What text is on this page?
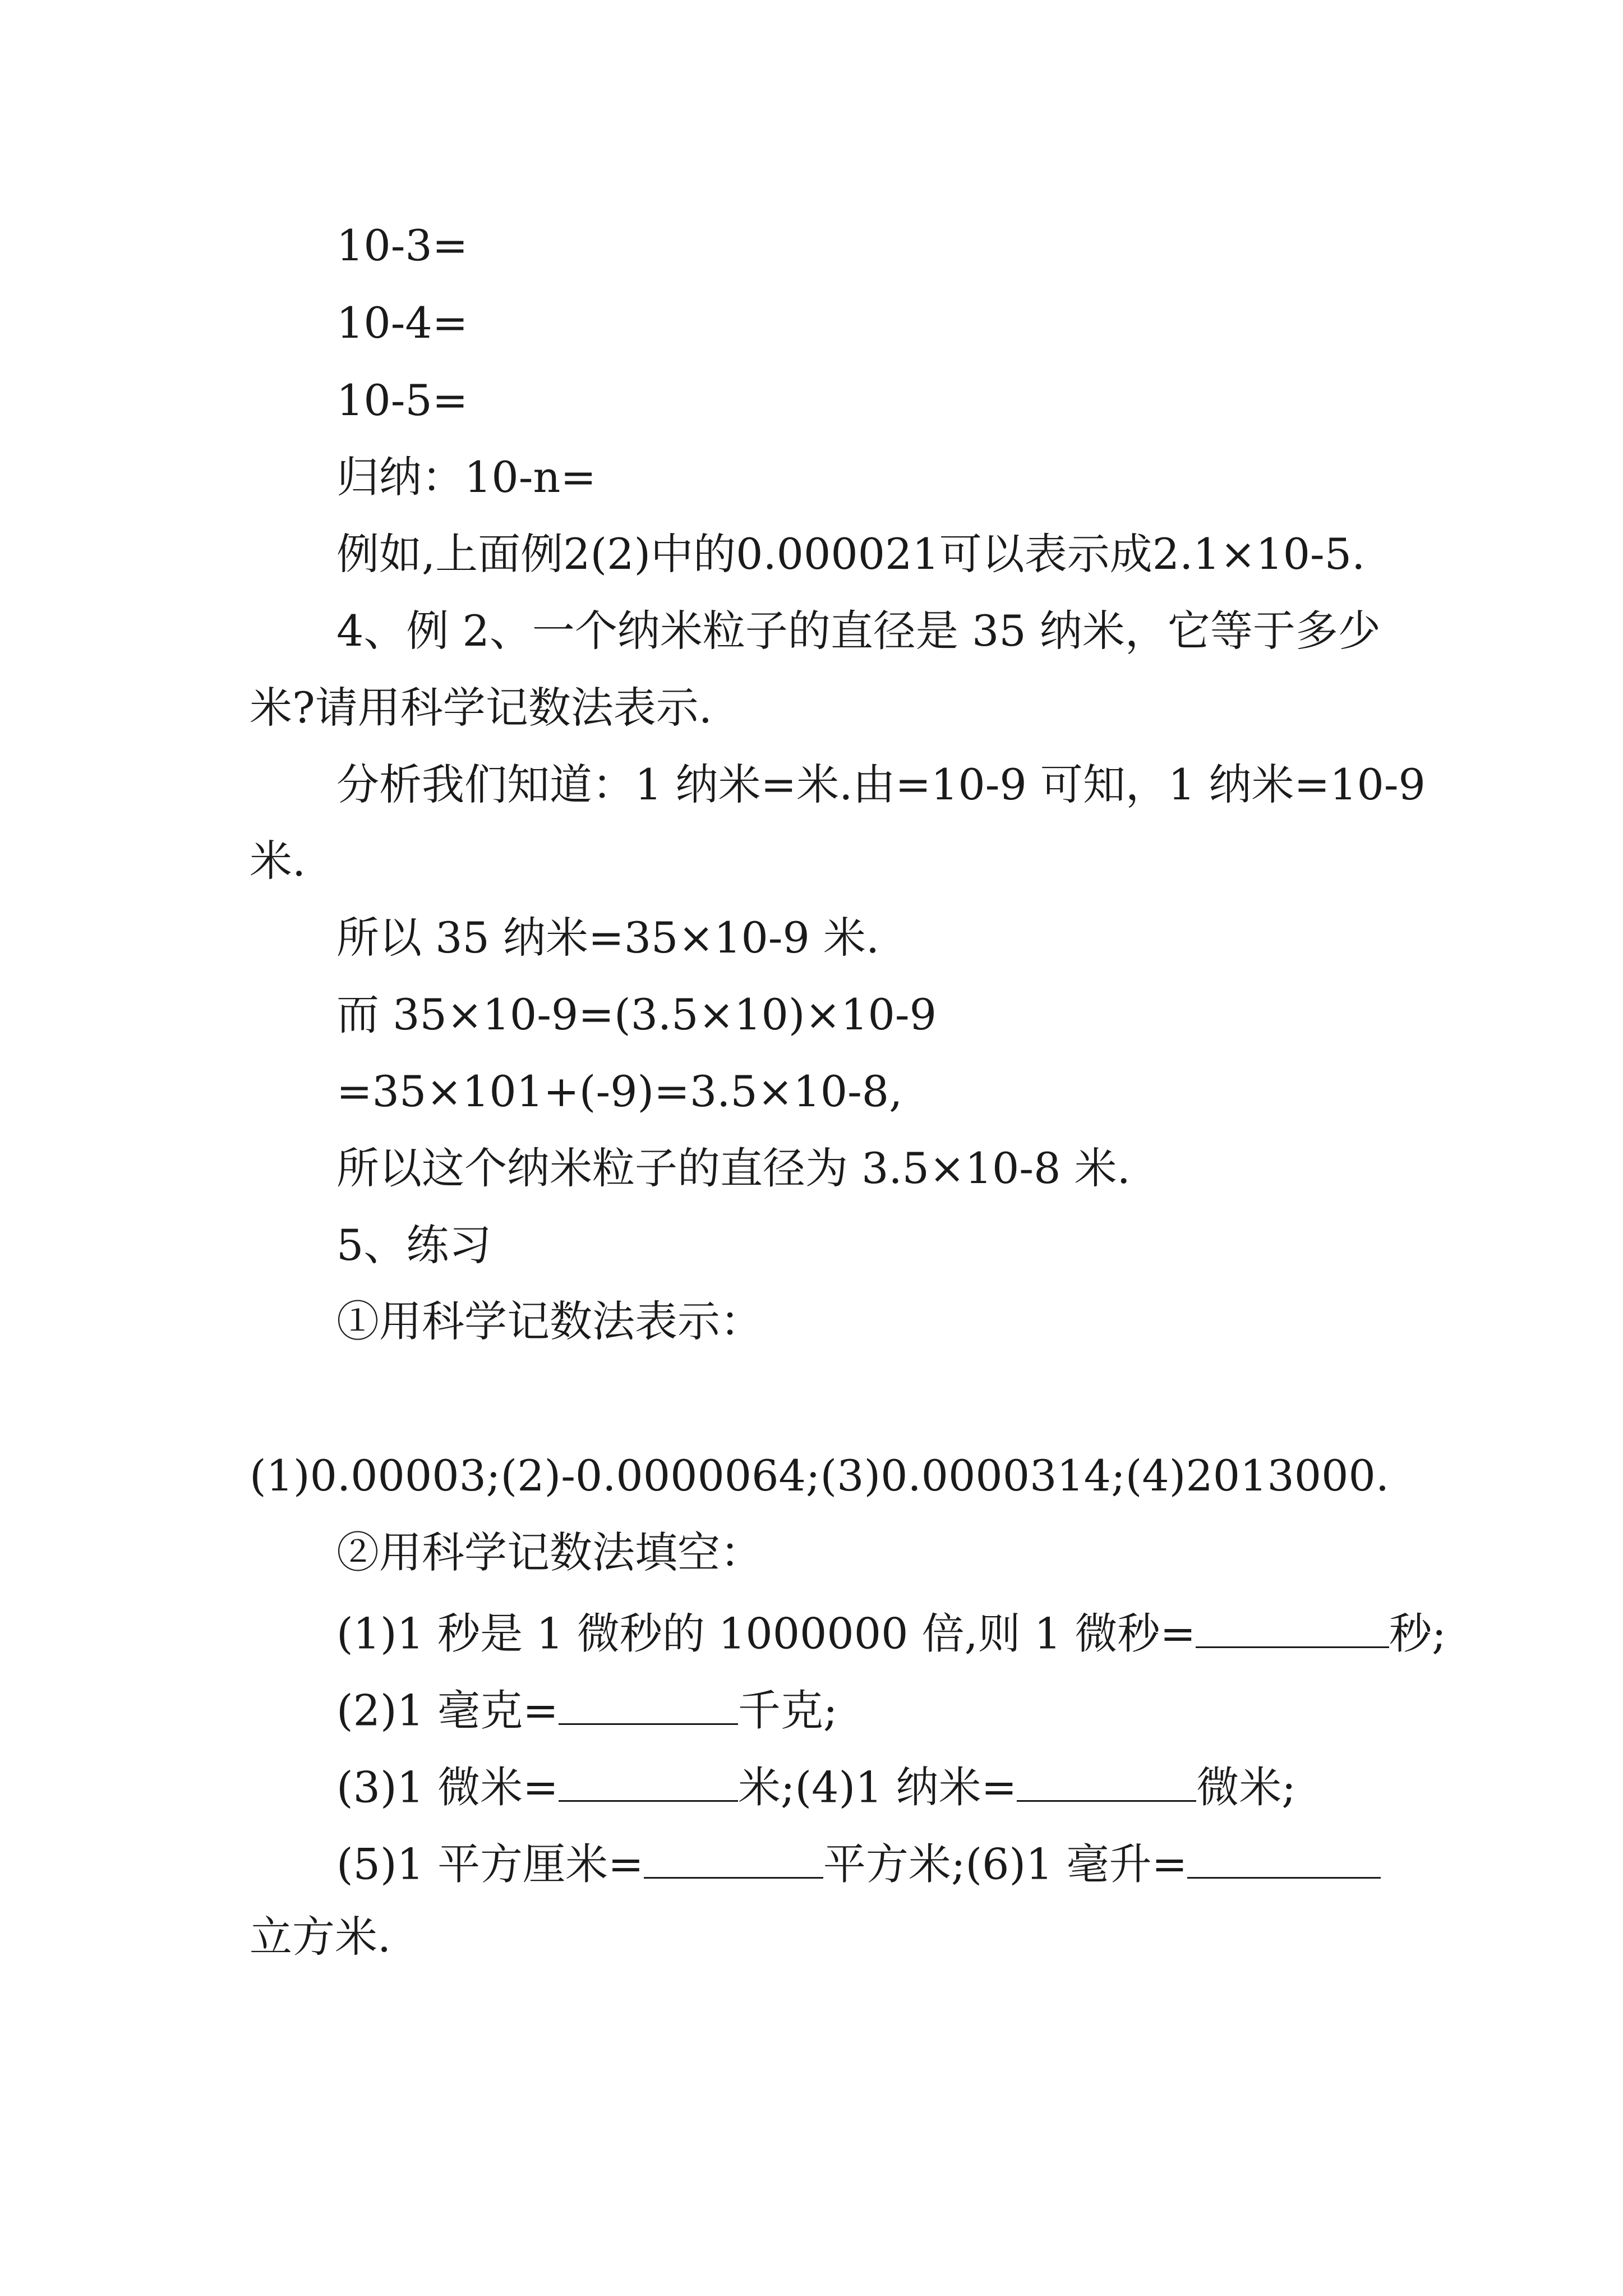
10-3=
10-4=
10-5=
归纳：10-n=
例如,上面例2(2)中的0.000021可以表示成2.1×10-5.
4、例 2、一个纳米粒子的直径是 35 纳米，它等于多少
米?请用科学记数法表示.
分析我们知道：1 纳米=米.由=10-9 可知，1 纳米=10-9
米.
所以 35 纳米=35×10-9 米.
而 35×10-9=(3.5×10)×10-9
=35×101+(-9)=3.5×10-8,
所以这个纳米粒子的直径为 3.5×10-8 米.
5、练习
①用科学记数法表示：
(1)0.00003;(2)-0.0000064;(3)0.0000314;(4)2013000.
②用科学记数法填空：
(1)1 秒是 1 微秒的 1000000 倍,则 1 微秒=	秒;
(2)1 毫克=	千克;
(3)1 微米=	米;(4)1 纳米=	微米;
(5)1 平方厘米=	平方米;(6)1 毫升=
立方米.
